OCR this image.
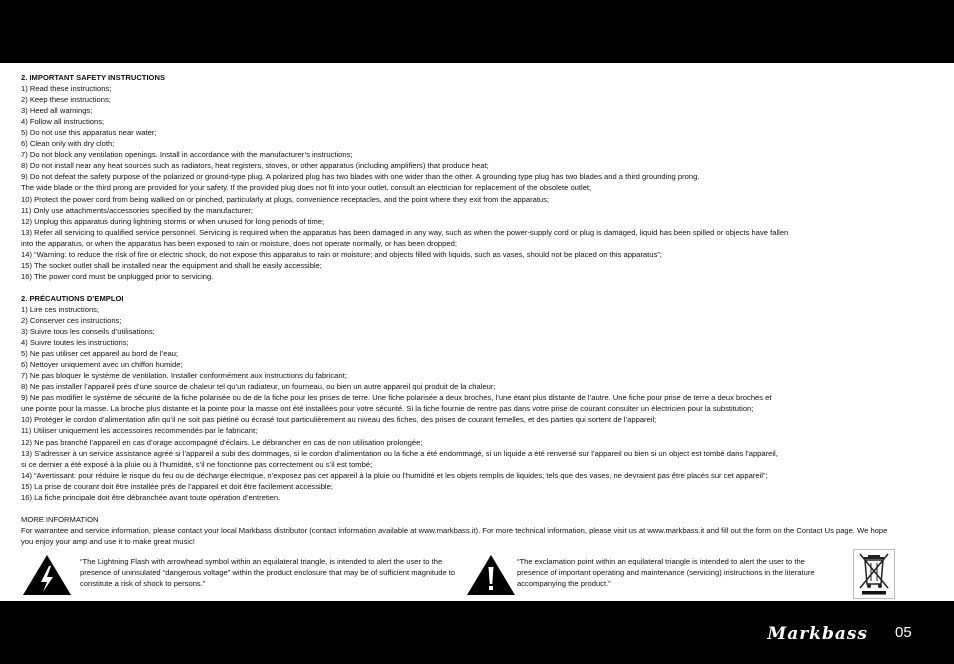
2. IMPORTANT SAFETY INSTRUCTIONS

1) Read these instructions;

2) Keep these instructions;

3) Heed all warnings;

4) Follow all instructions;

5) Do not use this apparatus near water;

6) Clean only with dry cloth;

7) Do not block any ventilation openings. Install in accordance with the manufacturer’s instructions;

8) Do not install near any heat sources such as radiators, heat registers, stoves, or other apparatus (including amplifiers) that produce heat;

9) Do not defeat the safety purpose of the polarized or ground-type plug. A polarized plug has two blades with one wider than the other. A grounding type plug has two blades and a third grounding prong.

The wide blade or the third prong are provided for your safety. If the provided plug does not fit into your outlet, consult an electrician for replacement of the obsolete outlet;

10) Protect the power cord from being walked on or pinched, particularly at plugs, convenience receptacles, and the point where they exit from the apparatus;

11) Only use attachments/accessories specified by the manufacturer;

12) Unplug this apparatus during lightning storms or when unused for long periods of time;

13) Refer all servicing to qualified service personnel. Servicing is required when the apparatus has been damaged in any way, such as when the power-supply cord or plug is damaged, liquid has been spilled or objects have fallen

into the apparatus, or when the apparatus has been exposed to rain or moisture, does not operate normally, or has been dropped;

14) “Warning: to reduce the risk of fire or electric shock, do not expose this apparatus to rain or moisture; and objects filled with liquids, such as vases, should not be placed on this apparatus”;

15) The socket outlet shall be installed near the equipment and shall be easily accessible;

16) The power cord must be unplugged prior to servicing.

2. PRÉCAUTIONS D’EMPLOI

1) Lire ces instructions;

2) Conserver ces instructions;

3) Suivre tous les conseils d’utilisations;

4) Suivre toutes les instructions;

5) Ne pas utiliser cet appareil au bord de l’eau;

6) Nettoyer uniquement avec un chiffon humide;

7) Ne pas bloquer le système de ventilation. Installer conformément aux instructions du fabricant;

8) Ne pas installer l’appareil près d’une source de chaleur tel qu’un radiateur, un fourneau, ou bien un autre appareil qui produit de la chaleur;

9) Ne pas modifier le système de sécurité de la fiche polarisée ou de de la fiche pour les prises de terre. Une fiche polarisée a deux broches, l’une étant plus distante de l’autre. Une fiche pour prise de terre a deux broches et

une pointe pour la masse. La broche plus distante et la pointe pour la masse ont été installées pour votre sécurité. Si la fiche fournie de rentre pas dans votre prise de courant consulter un électricien pour la substitution;

10) Protéger le cordon d’alimentation afin qu’il ne soit pas piétiné ou écrasé tout particulièrement au niveau des fiches, des prises de courant femelles, et des parties qui sortent de l’appareil;

11) Utiliser uniquement les accessoires recommendés par le fabricant;

12) Ne pas branché l’appareil en cas d’orage accompagné d’éclairs. Le débrancher en cas de non utilisation prolongée;

13) S’adresser à un service assistance agréé si l’appareil a subi des dommages, si le cordon d’alimentation ou la fiche a été endommagé, si un liquide a été renversé sur l’appareil ou bien si un object est tombé dans l’appareil,

si ce dernier a été exposé à la pluie ou à l’humidité, s’il ne fonctionne pas correctement ou s’il est tombé;

14) “Avertissant: pour réduire le risque du feu ou de décharge électrique, n’exposez pas cet appareil à la pluie ou l’humidité et les objets remplis de liquides; tels que des vases, ne devraient pas être placés sur cet appareil”;

15) La prise de courant doit être installée près de l’appareil et doit être facilement accessible;

16) La fiche principale doit être débranchée avant toute opération d’entretien.

MORE INFORMATION

For warrantee and service information, please contact your local Markbass distributor (contact information available at www.markbass.it). For more technical information, please visit us at www.markbass.it and fill out the form on the Contact Us page. We hope you enjoy your amp and use it to make great music!

“The Lightning Flash with arrowhead symbol within an equilateral triangle, is intended to alert the user to the presence of uninsulated “dangerous voltage” within the product enclosure that may be of sufficient magnitude to constitute a risk of shock to persons.”
“The exclamation point within an equilateral triangle is intended to alert the user to the presence of important operating and maintenance (servicing) instructions in the literature accompanying the product.”
Markbass 05
